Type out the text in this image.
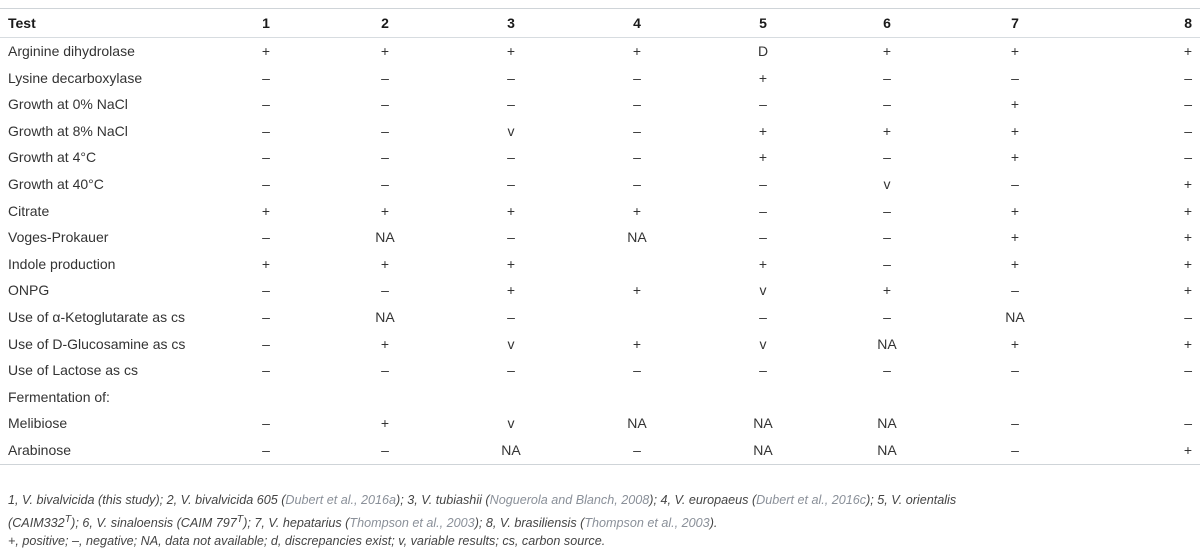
Test	1	2	3	4	5	6	7	8
Arginine dihydrolase	+	+	+	+	D	+	+	+
Lysine decarboxylase	–	–	–	–	+	–	–	–
Growth at 0% NaCl	–	–	–	–	–	–	+	–
Growth at 8% NaCl	–	–	v	–	+	+	+	–
Growth at 4°C	–	–	–	–	+	–	+	–
Growth at 40°C	–	–	–	–	–	v	–	+
Citrate	+	+	+	+	–	–	+	+
Voges-Prokauer	–	NA	–	NA	–	–	+	+
Indole production	+	+	+		+	–	+	+
ONPG	–	–	+	+	v	+	–	+
Use of α-Ketoglutarate as cs	–	NA	–		–	–	NA	–
Use of D-Glucosamine as cs	–	+	v	+	v	NA	+	+
Use of Lactose as cs	–	–	–	–	–	–	–	–
Fermentation of:								
Melibiose	–	+	v	NA	NA	NA	–	–
Arabinose	–	–	NA	–	NA	NA	–	+

1, V. bivalvicida (this study); 2, V. bivalvicida 605 (Dubert et al., 2016a); 3, V. tubiashii (Noguerola and Blanch, 2008); 4, V. europaeus (Dubert et al., 2016c); 5, V. orientalis

$(CAIM332^T)$; 6, V. sinaloensis (CAIM $797^T$); 7, V. hepatarius (Thompson et al., 2003); 8, V. brasiliensis (Thompson et al., 2003).

+, positive; –, negative; NA, data not available; d, discrepancies exist; v, variable results; cs, carbon source.
